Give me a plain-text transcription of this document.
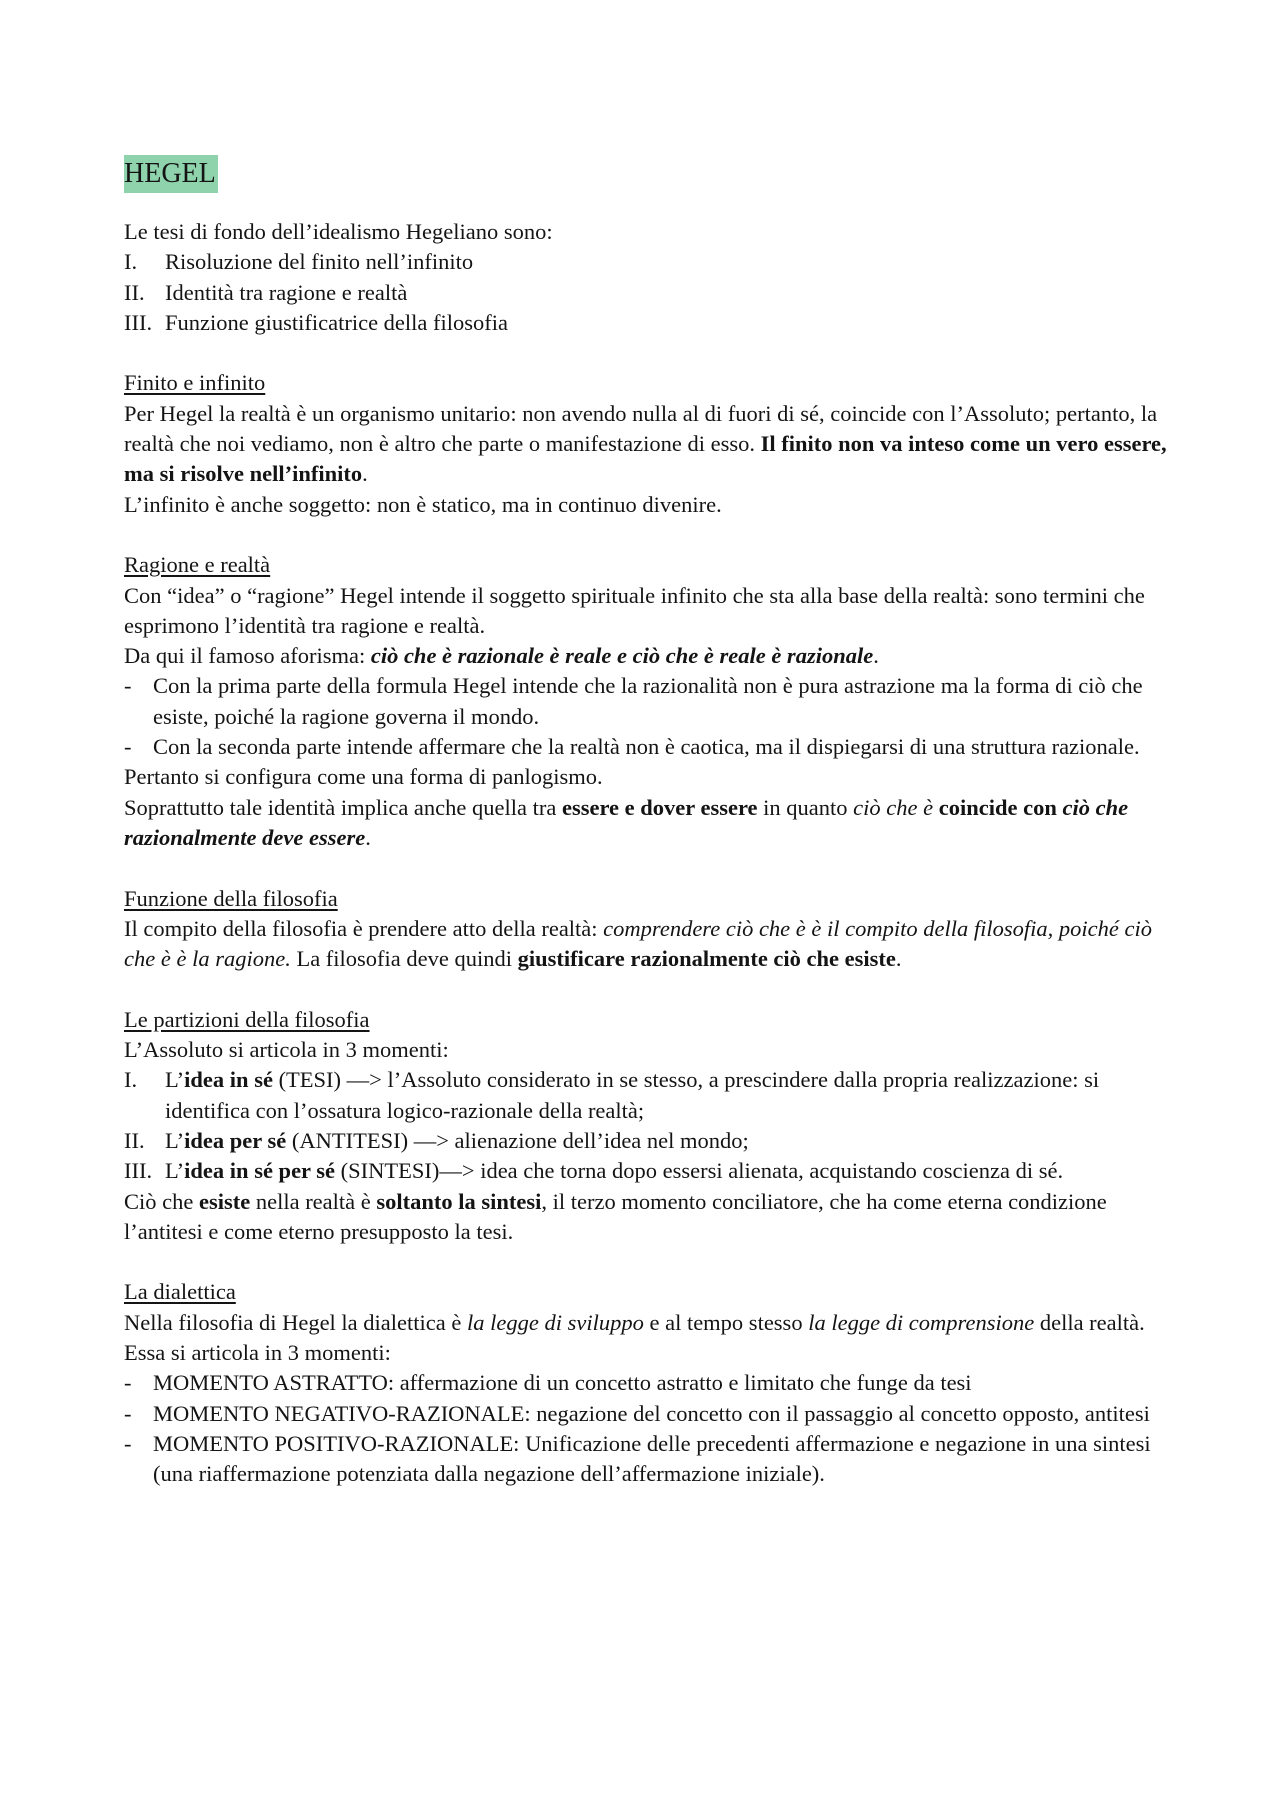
HEGEL

Le tesi di fondo dell’idealismo Hegeliano sono:

I.	Risoluzione del finito nell’infinito
II. Identità tra ragione e realtà
III. Funzione giustificatrice della filosofia
Finito e infinito

Per Hegel la realtà è un organismo unitario: non avendo nulla al di fuori di sé, coincide con l’Assoluto; pertanto, la realtà che noi vediamo, non è altro che parte o manifestazione di esso. Il finito non va inteso come un vero essere, ma si risolve nell’infinito.

L’infinito è anche soggetto: non è statico, ma in continuo divenire.

Ragione e realtà

Con “idea” o “ragione” Hegel intende il soggetto spirituale infinito che sta alla base della realtà: sono termini che esprimono l’identità tra ragione e realtà.

Da qui il famoso aforisma: ciò che è razionale è reale e ciò che è reale è razionale.

- Con la prima parte della formula Hegel intende che la razionalità non è pura astrazione ma la forma di ciò che esiste, poiché la ragione governa il mondo.
- Con la seconda parte intende affermare che la realtà non è caotica, ma il dispiegarsi di una struttura razionale.

Pertanto si configura come una forma di panlogismo.

Soprattutto tale identità implica anche quella tra essere e dover essere in quanto ciò che è coincide con ciò che razionalmente deve essere.

Funzione della filosofia

Il compito della filosofia è prendere atto della realtà: comprendere ciò che è è il compito della filosofia, poiché ciò che è è la ragione. La filosofia deve quindi giustificare razionalmente ciò che esiste.

Le partizioni della filosofia

L’Assoluto si articola in 3 momenti:

I.	L’idea in sé (TESI) —> l’Assoluto considerato in se stesso, a prescindere dalla propria realizzazione: si identifica con l’ossatura logico-razionale della realtà;
II. L’idea per sé (ANTITESI) —> alienazione dell’idea nel mondo;
III. L’idea in sé per sé (SINTESI)—> idea che torna dopo essersi alienata, acquistando coscienza di sé.

Ciò che esiste nella realtà è soltanto la sintesi, il terzo momento conciliatore, che ha come eterna condizione l’antitesi e come eterno presupposto la tesi.

La dialettica

Nella filosofia di Hegel la dialettica è la legge di sviluppo e al tempo stesso la legge di comprensione della realtà.

Essa si articola in 3 momenti:

- MOMENTO ASTRATTO: affermazione di un concetto astratto e limitato che funge da tesi
- MOMENTO NEGATIVO-RAZIONALE: negazione del concetto con il passaggio al concetto opposto, antitesi
- MOMENTO POSITIVO-RAZIONALE: Unificazione delle precedenti affermazione e negazione in una sintesi (una riaffermazione potenziata dalla negazione dell’affermazione iniziale).
